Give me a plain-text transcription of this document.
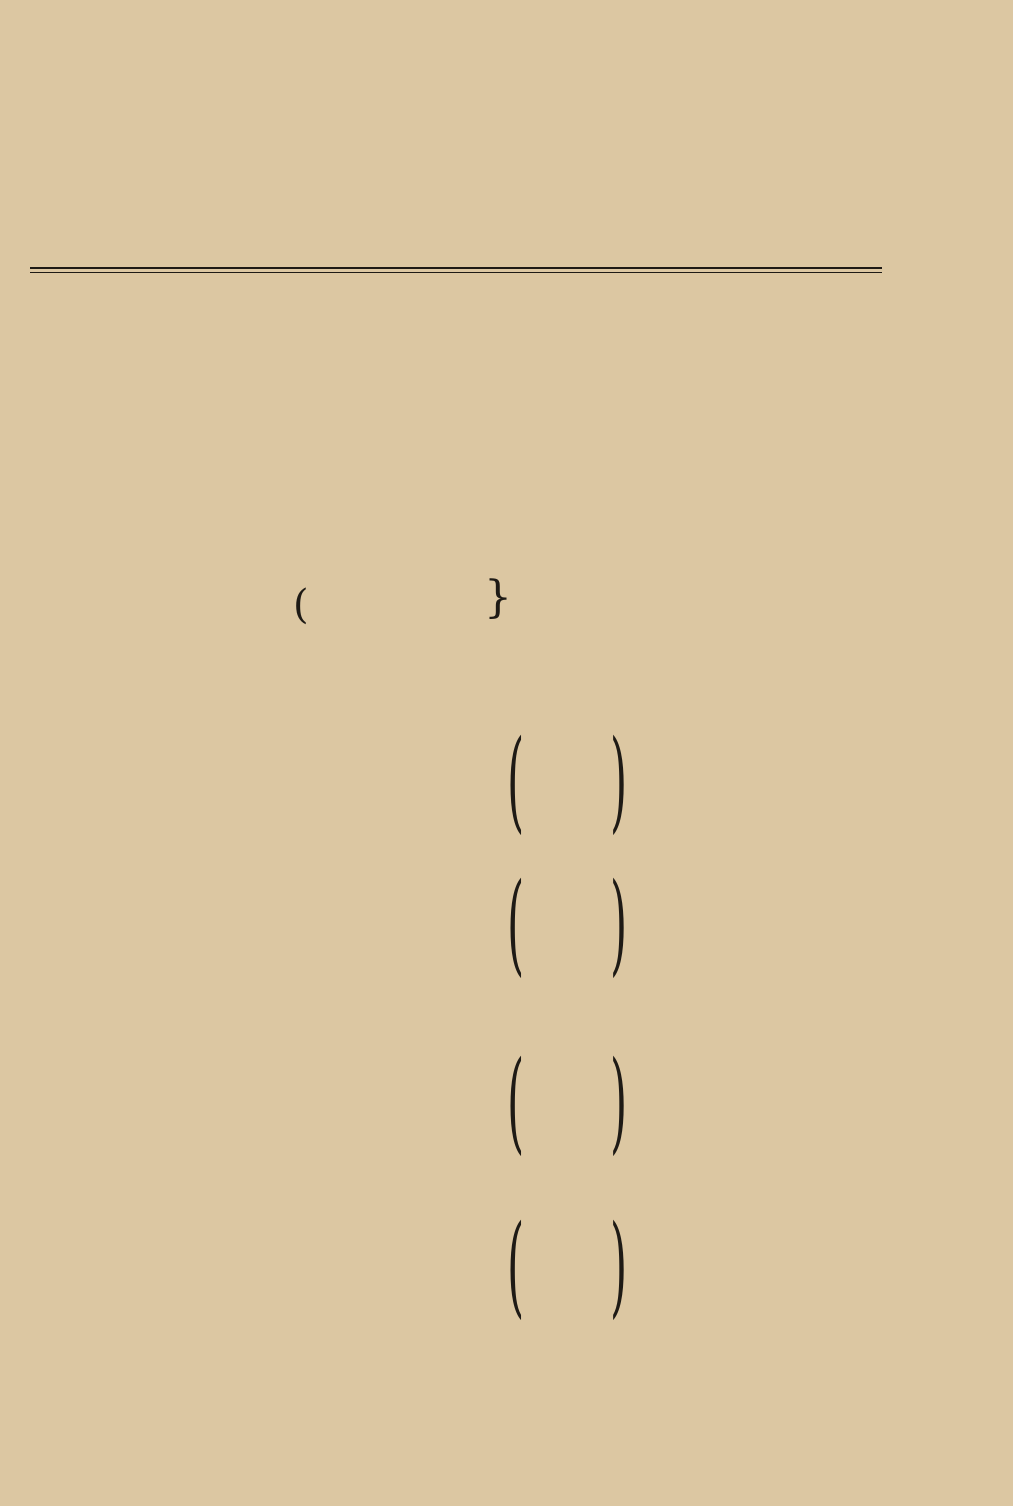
(	}
( )
( )
( )
( )
